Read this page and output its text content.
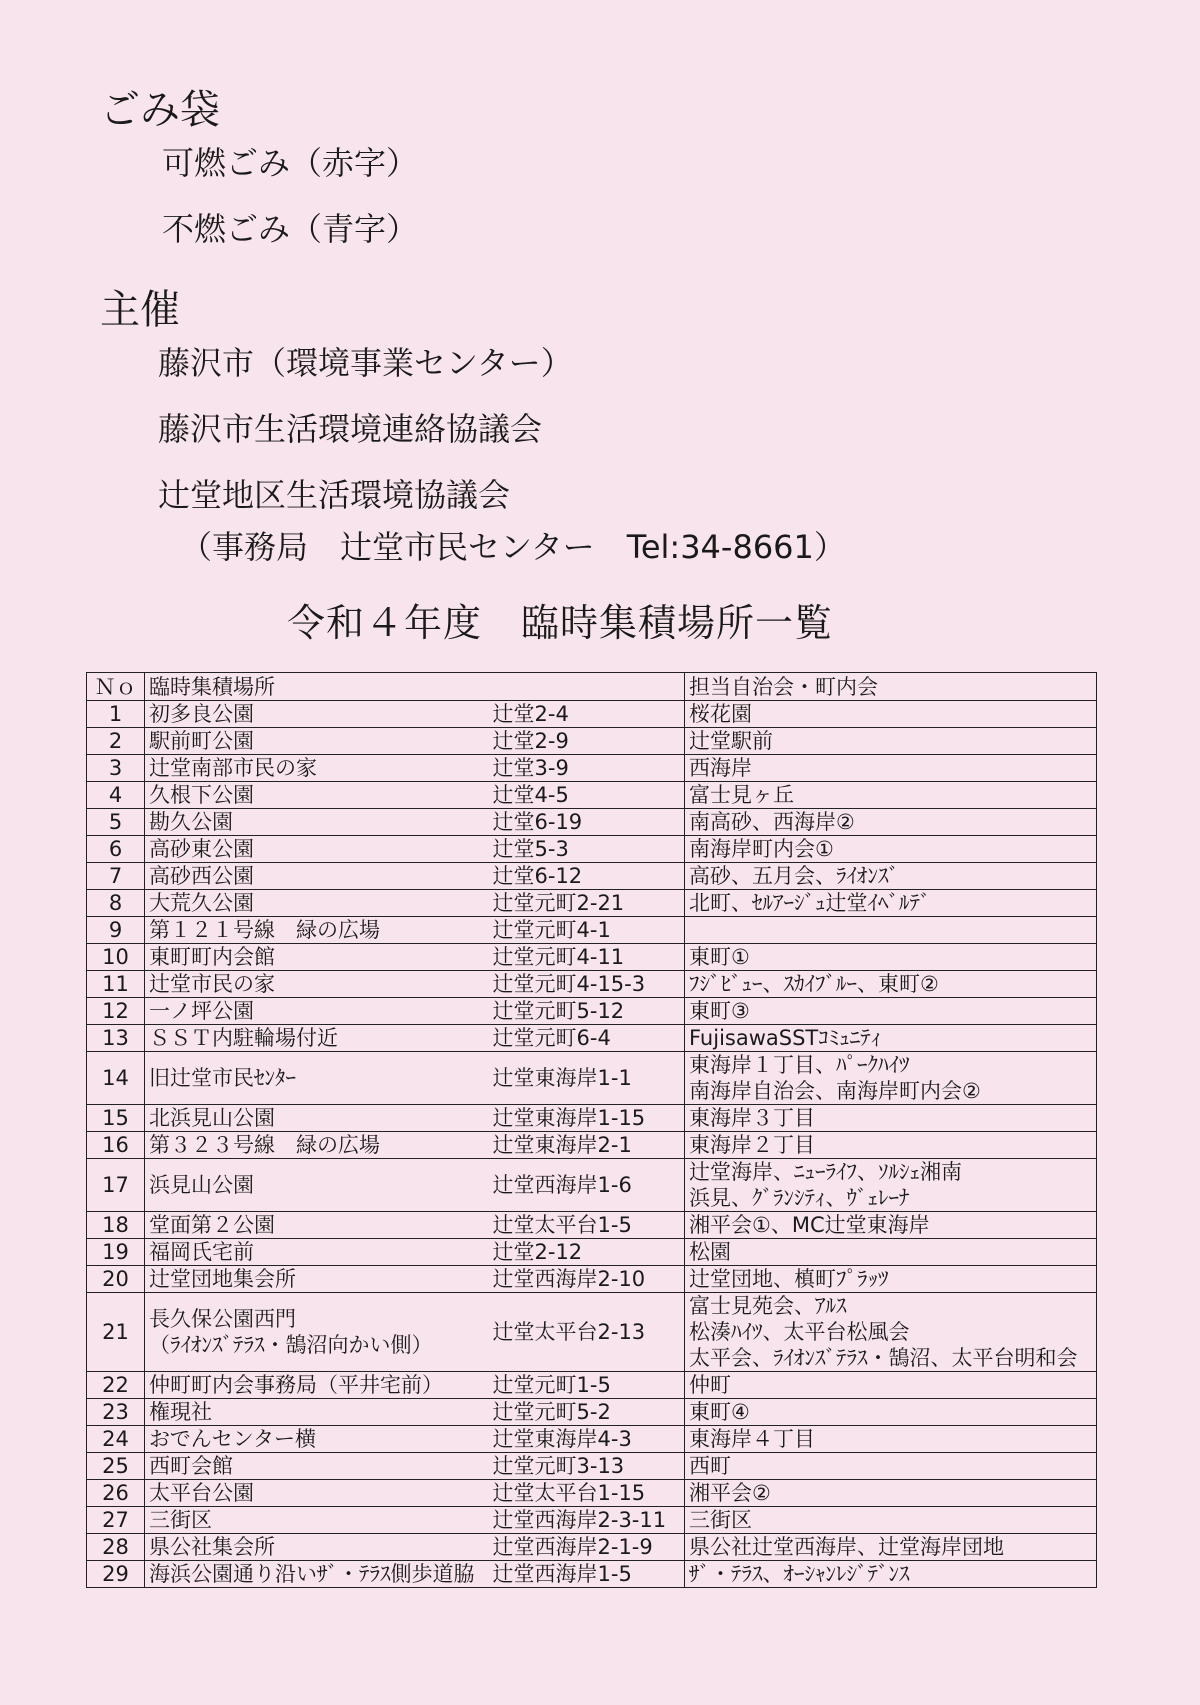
ごみ袋
可燃ごみ（赤字）
不燃ごみ（青字）
主催
藤沢市（環境事業センター）
藤沢市生活環境連絡協議会
辻堂地区生活環境協議会
（事務局　辻堂市民センター　Tel:34-8661）
令和４年度　臨時集積場所一覧
Ｎｏ	臨時集積場所		担当自治会・町内会
1	初多良公園	辻堂2-4	桜花園

2	駅前町公園	辻堂2-9	辻堂駅前

3	辻堂南部市民の家	辻堂3-9	西海岸

4	久根下公園	辻堂4-5	富士見ヶ丘

5	勘久公園	辻堂6-19	南高砂、西海岸②

6	高砂東公園	辻堂5-3	南海岸町内会①

7	高砂西公園	辻堂6-12	高砂、五月会、ﾗｲｵﾝｽﾞ

8	大荒久公園	辻堂元町2-21	北町、ｾﾙｱｰｼﾞｭ辻堂ｲﾍﾞﾙﾃﾞ

9	第１２１号線　緑の広場	辻堂元町4-1	

10	東町町内会館	辻堂元町4-11	東町①

11	辻堂市民の家	辻堂元町4-15-3	ﾌｼﾞﾋﾞｭｰ、ｽｶｲﾌﾞﾙｰ、東町②

12	一ノ坪公園	辻堂元町5-12	東町③

13	ＳＳＴ内駐輪場付近	辻堂元町6-4	FujisawaSSTｺﾐｭﾆﾃｨ

14	旧辻堂市民ｾﾝﾀｰ	辻堂東海岸1-1	東海岸１丁目、ﾊﾟｰｸﾊｲﾂ
南海岸自治会、南海岸町内会②

15	北浜見山公園	辻堂東海岸1-15	東海岸３丁目

16	第３２３号線　緑の広場	辻堂東海岸2-1	東海岸２丁目

17	浜見山公園	辻堂西海岸1-6	辻堂海岸、ﾆｭｰﾗｲﾌ、ｿﾙｼｪ湘南
浜見、ｸﾞﾗﾝｼﾃｨ、ｳﾞｪﾚｰﾅ

18	堂面第２公園	辻堂太平台1-5	湘平会①、MC辻堂東海岸

19	福岡氏宅前	辻堂2-12	松園

20	辻堂団地集会所	辻堂西海岸2-10	辻堂団地、槙町ﾌﾟﾗｯﾂ

21	長久保公園西門
（ﾗｲｵﾝｽﾞﾃﾗｽ・鵠沼向かい側）	辻堂太平台2-13	富士見苑会、ｱﾙｽ
松湊ﾊｲﾂ、太平台松風会
太平会、ﾗｲｵﾝｽﾞﾃﾗｽ・鵠沼、太平台明和会

22	仲町町内会事務局（平井宅前）	辻堂元町1-5	仲町

23	権現社	辻堂元町5-2	東町④

24	おでんセンター横	辻堂東海岸4-3	東海岸４丁目

25	西町会館	辻堂元町3-13	西町

26	太平台公園	辻堂太平台1-15	湘平会②

27	三街区	辻堂西海岸2-3-11	三街区

28	県公社集会所	辻堂西海岸2-1-9	県公社辻堂西海岸、辻堂海岸団地

29	海浜公園通り沿いｻﾞ・ﾃﾗｽ側歩道脇	辻堂西海岸1-5	ｻﾞ・ﾃﾗｽ、ｵｰｼｬﾝﾚｼﾞﾃﾞﾝｽ
